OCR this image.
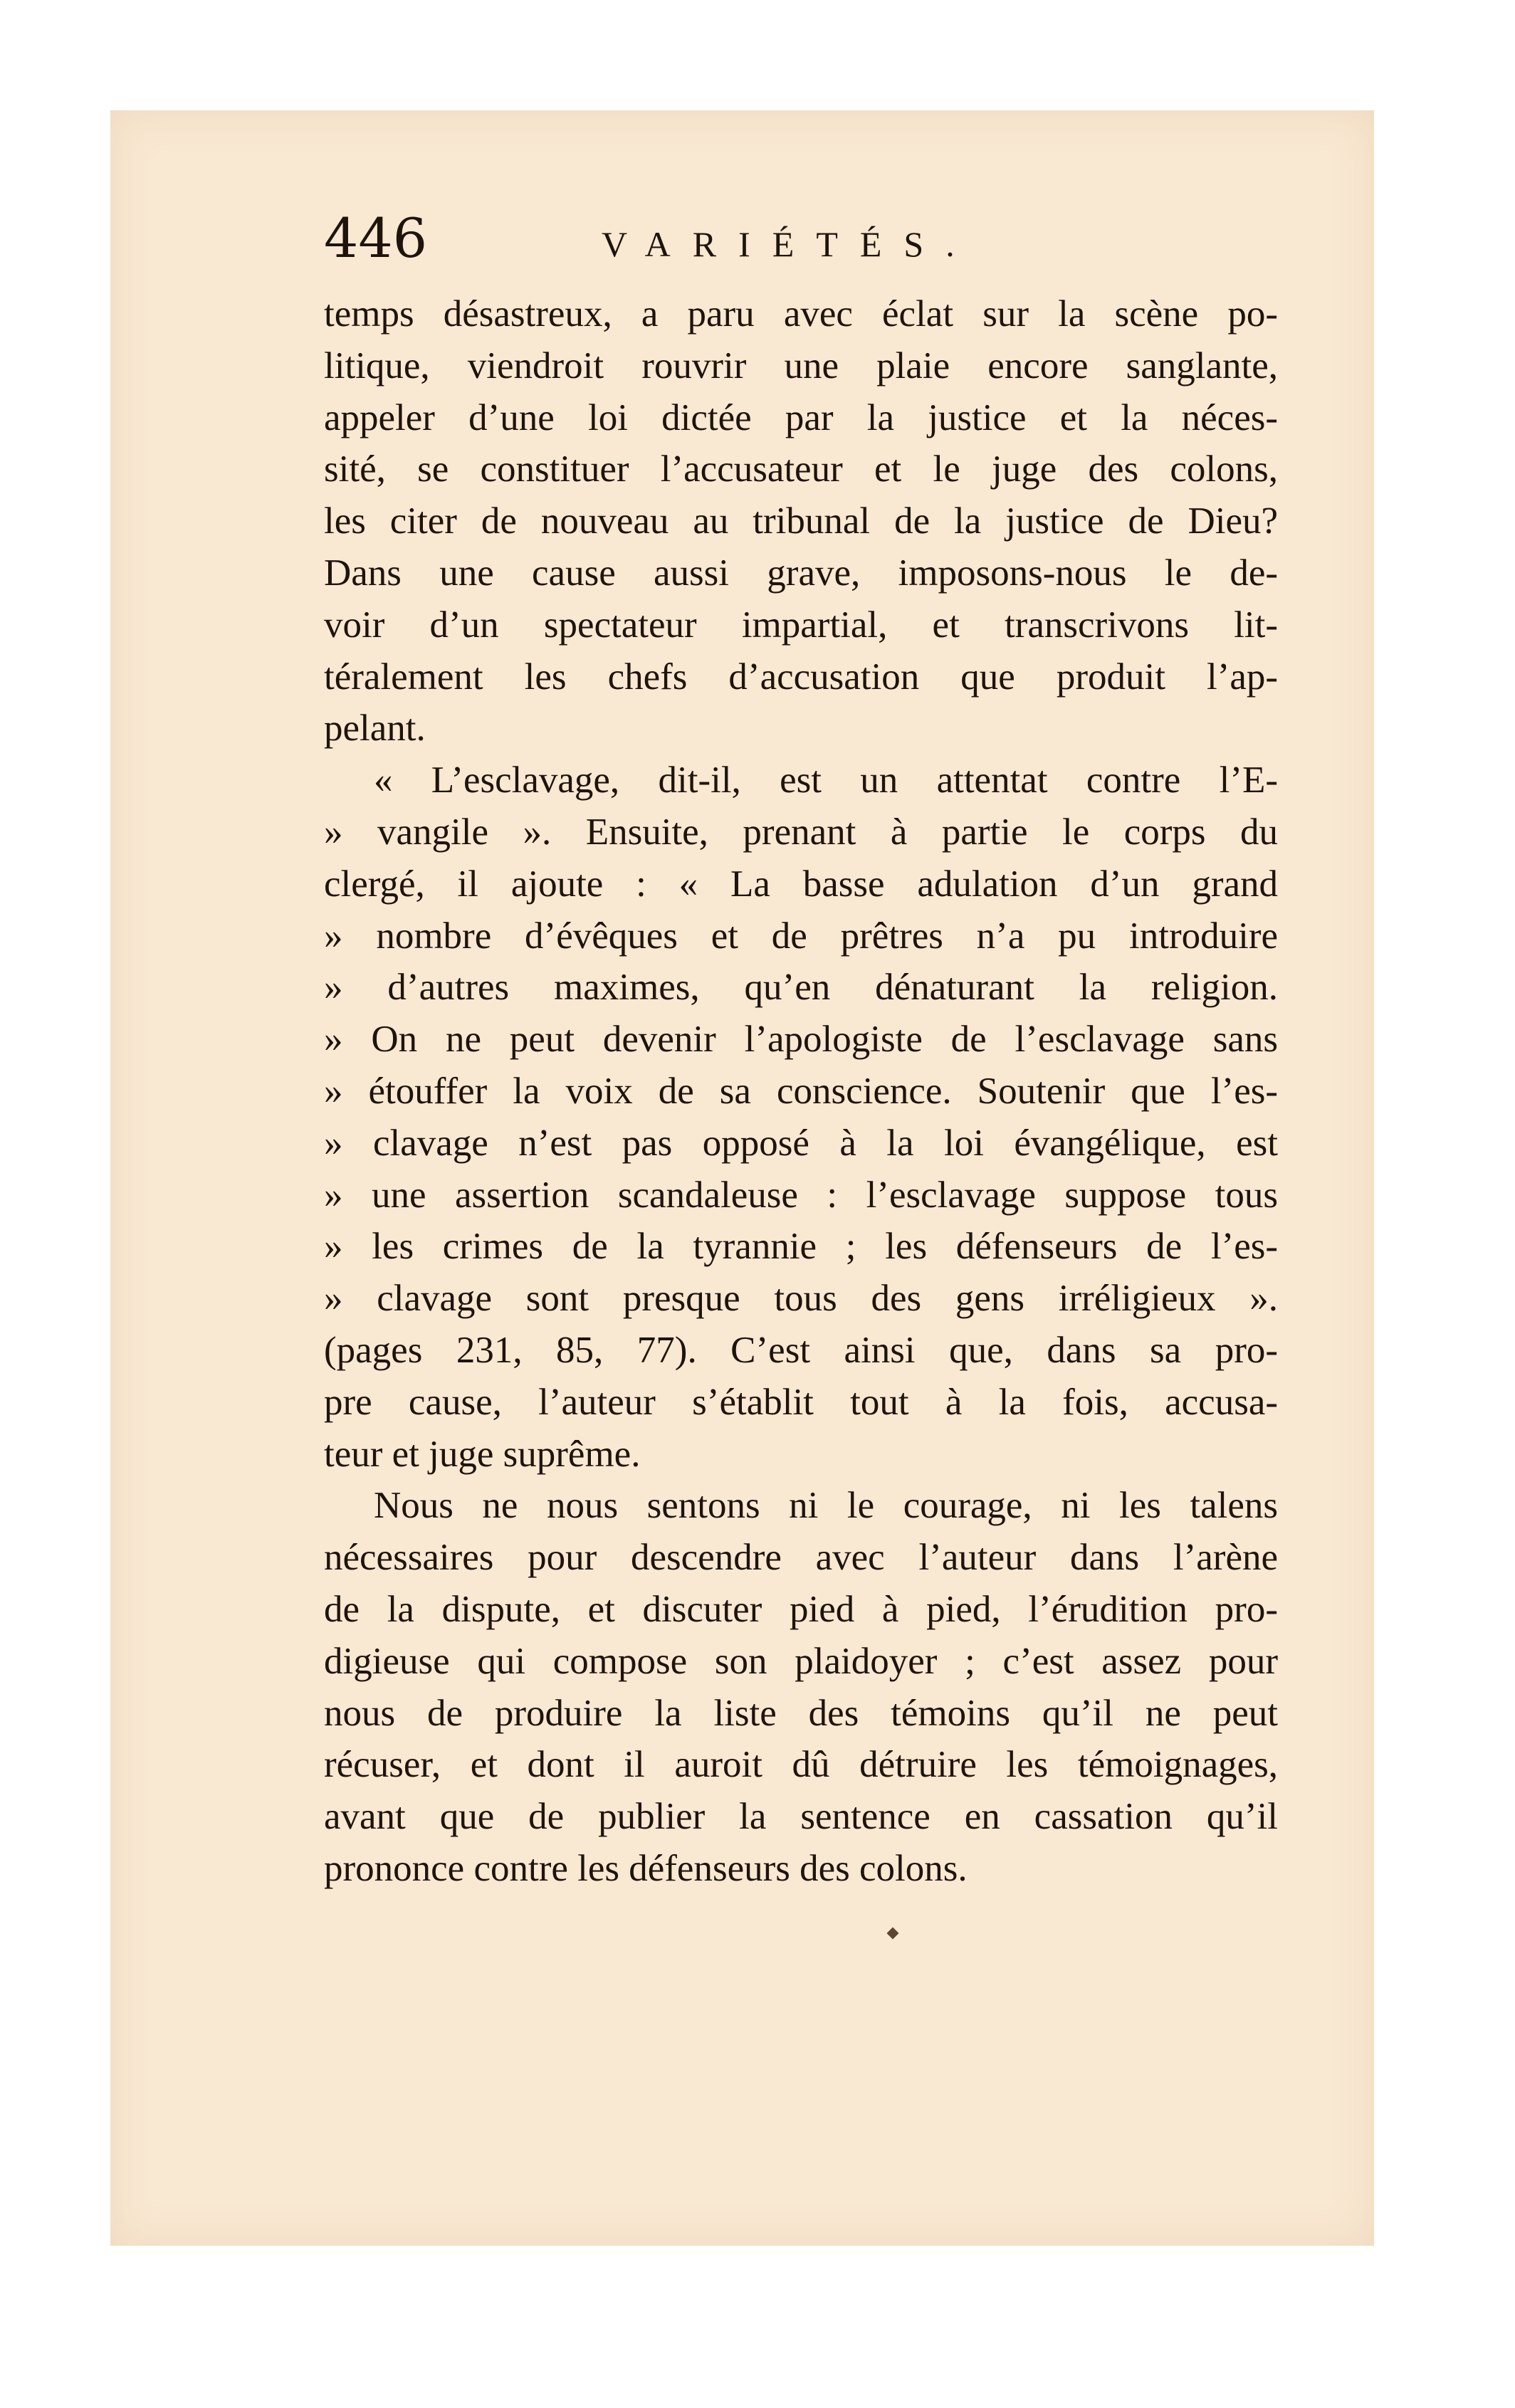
446	VARIÉTÉS.
temps désastreux, a paru avec éclat sur la scène po-
litique, viendroit rouvrir une plaie encore sanglante,
appeler d’une loi dictée par la justice et la néces-
sité, se constituer l’accusateur et le juge des colons,
les citer de nouveau au tribunal de la justice de Dieu?
Dans une cause aussi grave, imposons-nous le de-
voir d’un spectateur impartial, et transcrivons lit-
téralement les chefs d’accusation que produit l’ap-
pelant.
« L’esclavage, dit-il, est un attentat contre l’E-
» vangile ». Ensuite, prenant à partie le corps du
clergé, il ajoute : « La basse adulation d’un grand
» nombre d’évêques et de prêtres n’a pu introduire
» d’autres maximes, qu’en dénaturant la religion.
» On ne peut devenir l’apologiste de l’esclavage sans
» étouffer la voix de sa conscience. Soutenir que l’es-
» clavage n’est pas opposé à la loi évangélique, est
» une assertion scandaleuse : l’esclavage suppose tous
» les crimes de la tyrannie ; les défenseurs de l’es-
» clavage sont presque tous des gens irréligieux ».
(pages 231, 85, 77). C’est ainsi que, dans sa pro-
pre cause, l’auteur s’établit tout à la fois, accusa-
teur et juge suprême.
Nous ne nous sentons ni le courage, ni les talens
nécessaires pour descendre avec l’auteur dans l’arène
de la dispute, et discuter pied à pied, l’érudition pro-
digieuse qui compose son plaidoyer ; c’est assez pour
nous de produire la liste des témoins qu’il ne peut
récuser, et dont il auroit dû détruire les témoignages,
avant que de publier la sentence en cassation qu’il
prononce contre les défenseurs des colons.
